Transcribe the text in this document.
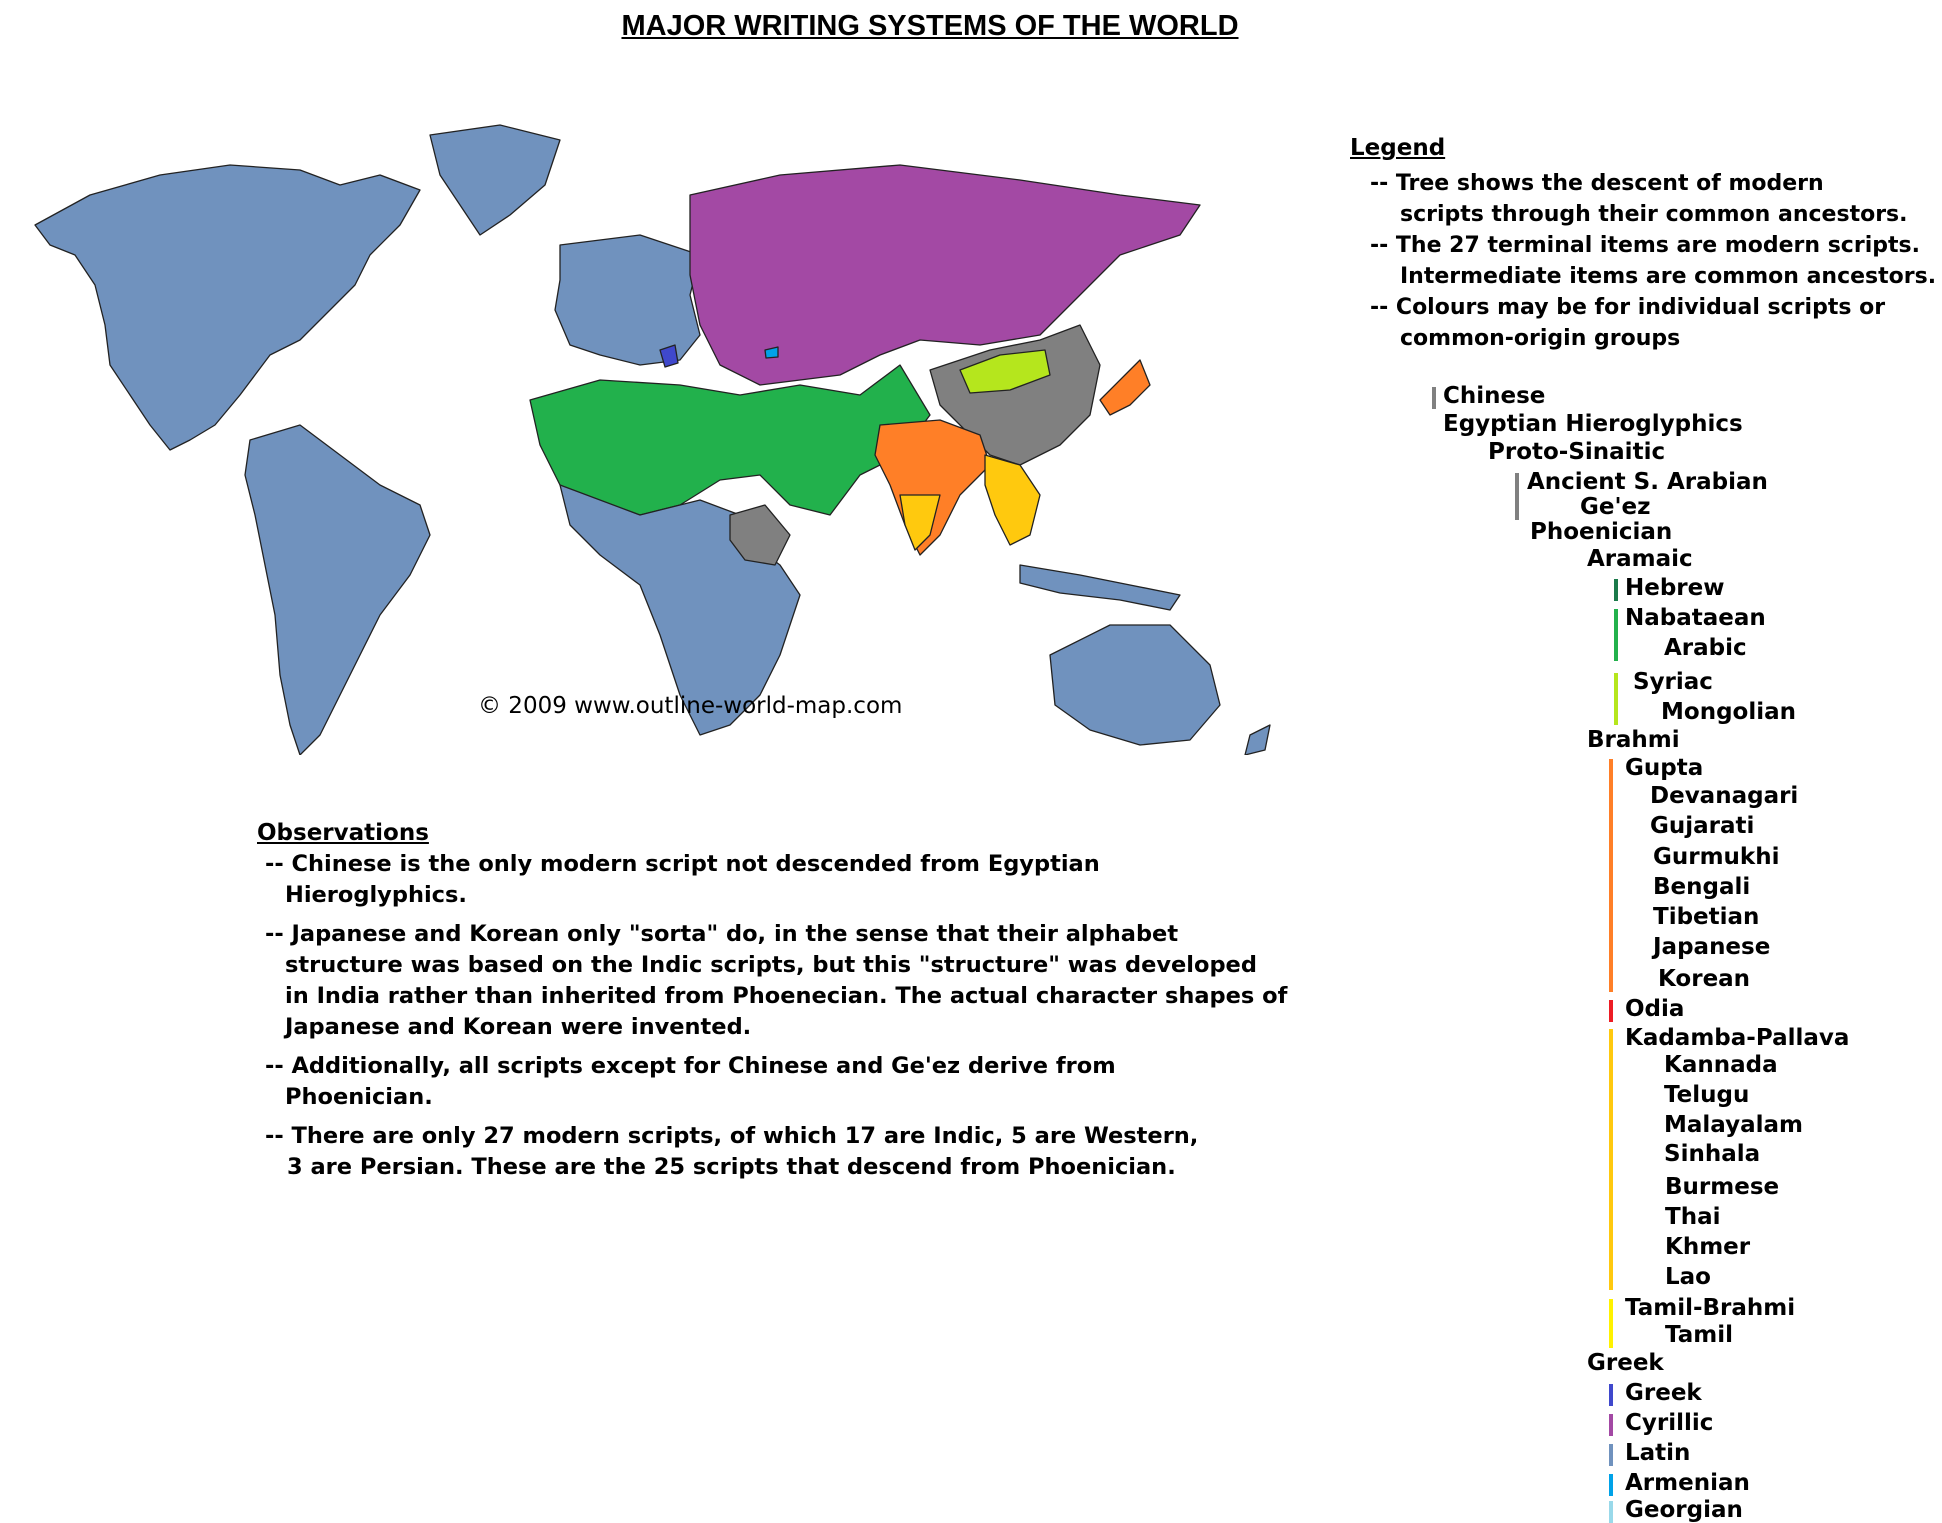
MAJOR WRITING SYSTEMS OF THE WORLD
© 2009 www.outline-world-map.com
Legend
-- Tree shows the descent of modern
scripts through their common ancestors.
-- The 27 terminal items are modern scripts.
Intermediate items are common ancestors.
-- Colours may be for individual scripts or
common-origin groups
Chinese
Egyptian Hieroglyphics
Proto-Sinaitic
Ancient S. Arabian
Ge'ez
Phoenician
Aramaic
Hebrew
Nabataean
Arabic
Syriac
Mongolian
Brahmi
Gupta
Devanagari
Gujarati
Gurmukhi
Bengali
Tibetian
Japanese
Korean
Odia
Kadamba-Pallava
Kannada
Telugu
Malayalam
Sinhala
Burmese
Thai
Khmer
Lao
Tamil-Brahmi
Tamil
Greek
Greek
Cyrillic
Latin
Armenian
Georgian
Observations
-- Chinese is the only modern script not descended from Egyptian
Hieroglyphics.
-- Japanese and Korean only "sorta" do, in the sense that their alphabet
structure was based on the Indic scripts, but this "structure" was developed
in India rather than inherited from Phoenecian. The actual character shapes of
Japanese and Korean were invented.
-- Additionally, all scripts except for Chinese and Ge'ez derive from
Phoenician.
-- There are only 27 modern scripts, of which 17 are Indic, 5 are Western,
3 are Persian. These are the 25 scripts that descend from Phoenician.
